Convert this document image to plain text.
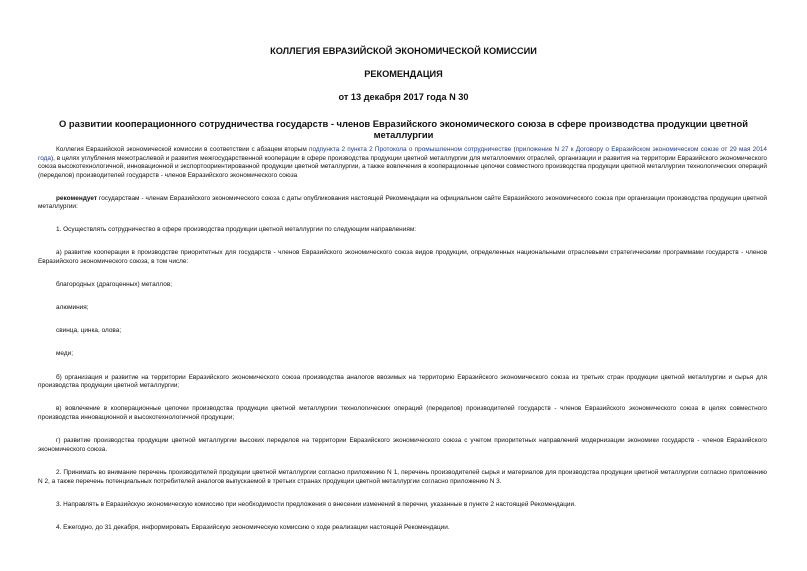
КОЛЛЕГИЯ ЕВРАЗИЙСКОЙ ЭКОНОМИЧЕСКОЙ КОМИССИИ
РЕКОМЕНДАЦИЯ
от 13 декабря 2017 года N 30
О развитии кооперационного сотрудничества государств - членов Евразийского экономического союза в сфере производства продукции цветной металлургии

Коллегия Евразийской экономической комиссии в соответствии с абзацем вторым подпункта 2 пункта 2 Протокола о промышленном сотрудничестве (приложение N 27 к Договору о Евразийском экономическом союзе от 29 мая 2014 года), в целях углубления межотраслевой и развития межгосударственной кооперации в сфере производства продукции цветной металлургии для металлоемких отраслей, организации и развития на территории Евразийского экономического союза высокотехнологичной, инновационной и экспортоориентированной продукции цветной металлургии, а также вовлечения в кооперационные цепочки совместного производства продукции цветной металлургии технологических операций (переделов) производителей государств - членов Евразийского экономического союза

рекомендует государствам - членам Евразийского экономического союза с даты опубликования настоящей Рекомендации на официальном сайте Евразийского экономического союза при организации производства продукции цветной металлургии:

1. Осуществлять сотрудничество в сфере производства продукции цветной металлургии по следующим направлениям:

а) развитие кооперации в производстве приоритетных для государств - членов Евразийского экономического союза видов продукции, определенных национальными отраслевыми стратегическими программами государств - членов Евразийского экономического союза, в том числе:

благородных (драгоценных) металлов;

алюминия;

свинца, цинка, олова;

меди;

б) организация и развитие на территории Евразийского экономического союза производства аналогов ввозимых на территорию Евразийского экономического союза из третьих стран продукции цветной металлургии и сырья для производства продукции цветной металлургии;

в) вовлечение в кооперационные цепочки производства продукции цветной металлургии технологических операций (переделов) производителей государств - членов Евразийского экономического союза в целях совместного производства инновационной и высокотехнологичной продукции;

г) развитие производства продукции цветной металлургии высоких переделов на территории Евразийского экономического союза с учетом приоритетных направлений модернизации экономики государств - членов Евразийского экономического союза.

2. Принимать во внимание перечень производителей продукции цветной металлургии согласно приложению N 1, перечень производителей сырья и материалов для производства продукции цветной металлургии согласно приложению N 2, а также перечень потенциальных потребителей аналогов выпускаемой в третьих странах продукции цветной металлургии согласно приложению N 3.

3. Направлять в Евразийскую экономическую комиссию при необходимости предложения о внесении изменений в перечни, указанные в пункте 2 настоящей Рекомендации.

4. Ежегодно, до 31 декабря, информировать Евразийскую экономическую комиссию о ходе реализации настоящей Рекомендации.
